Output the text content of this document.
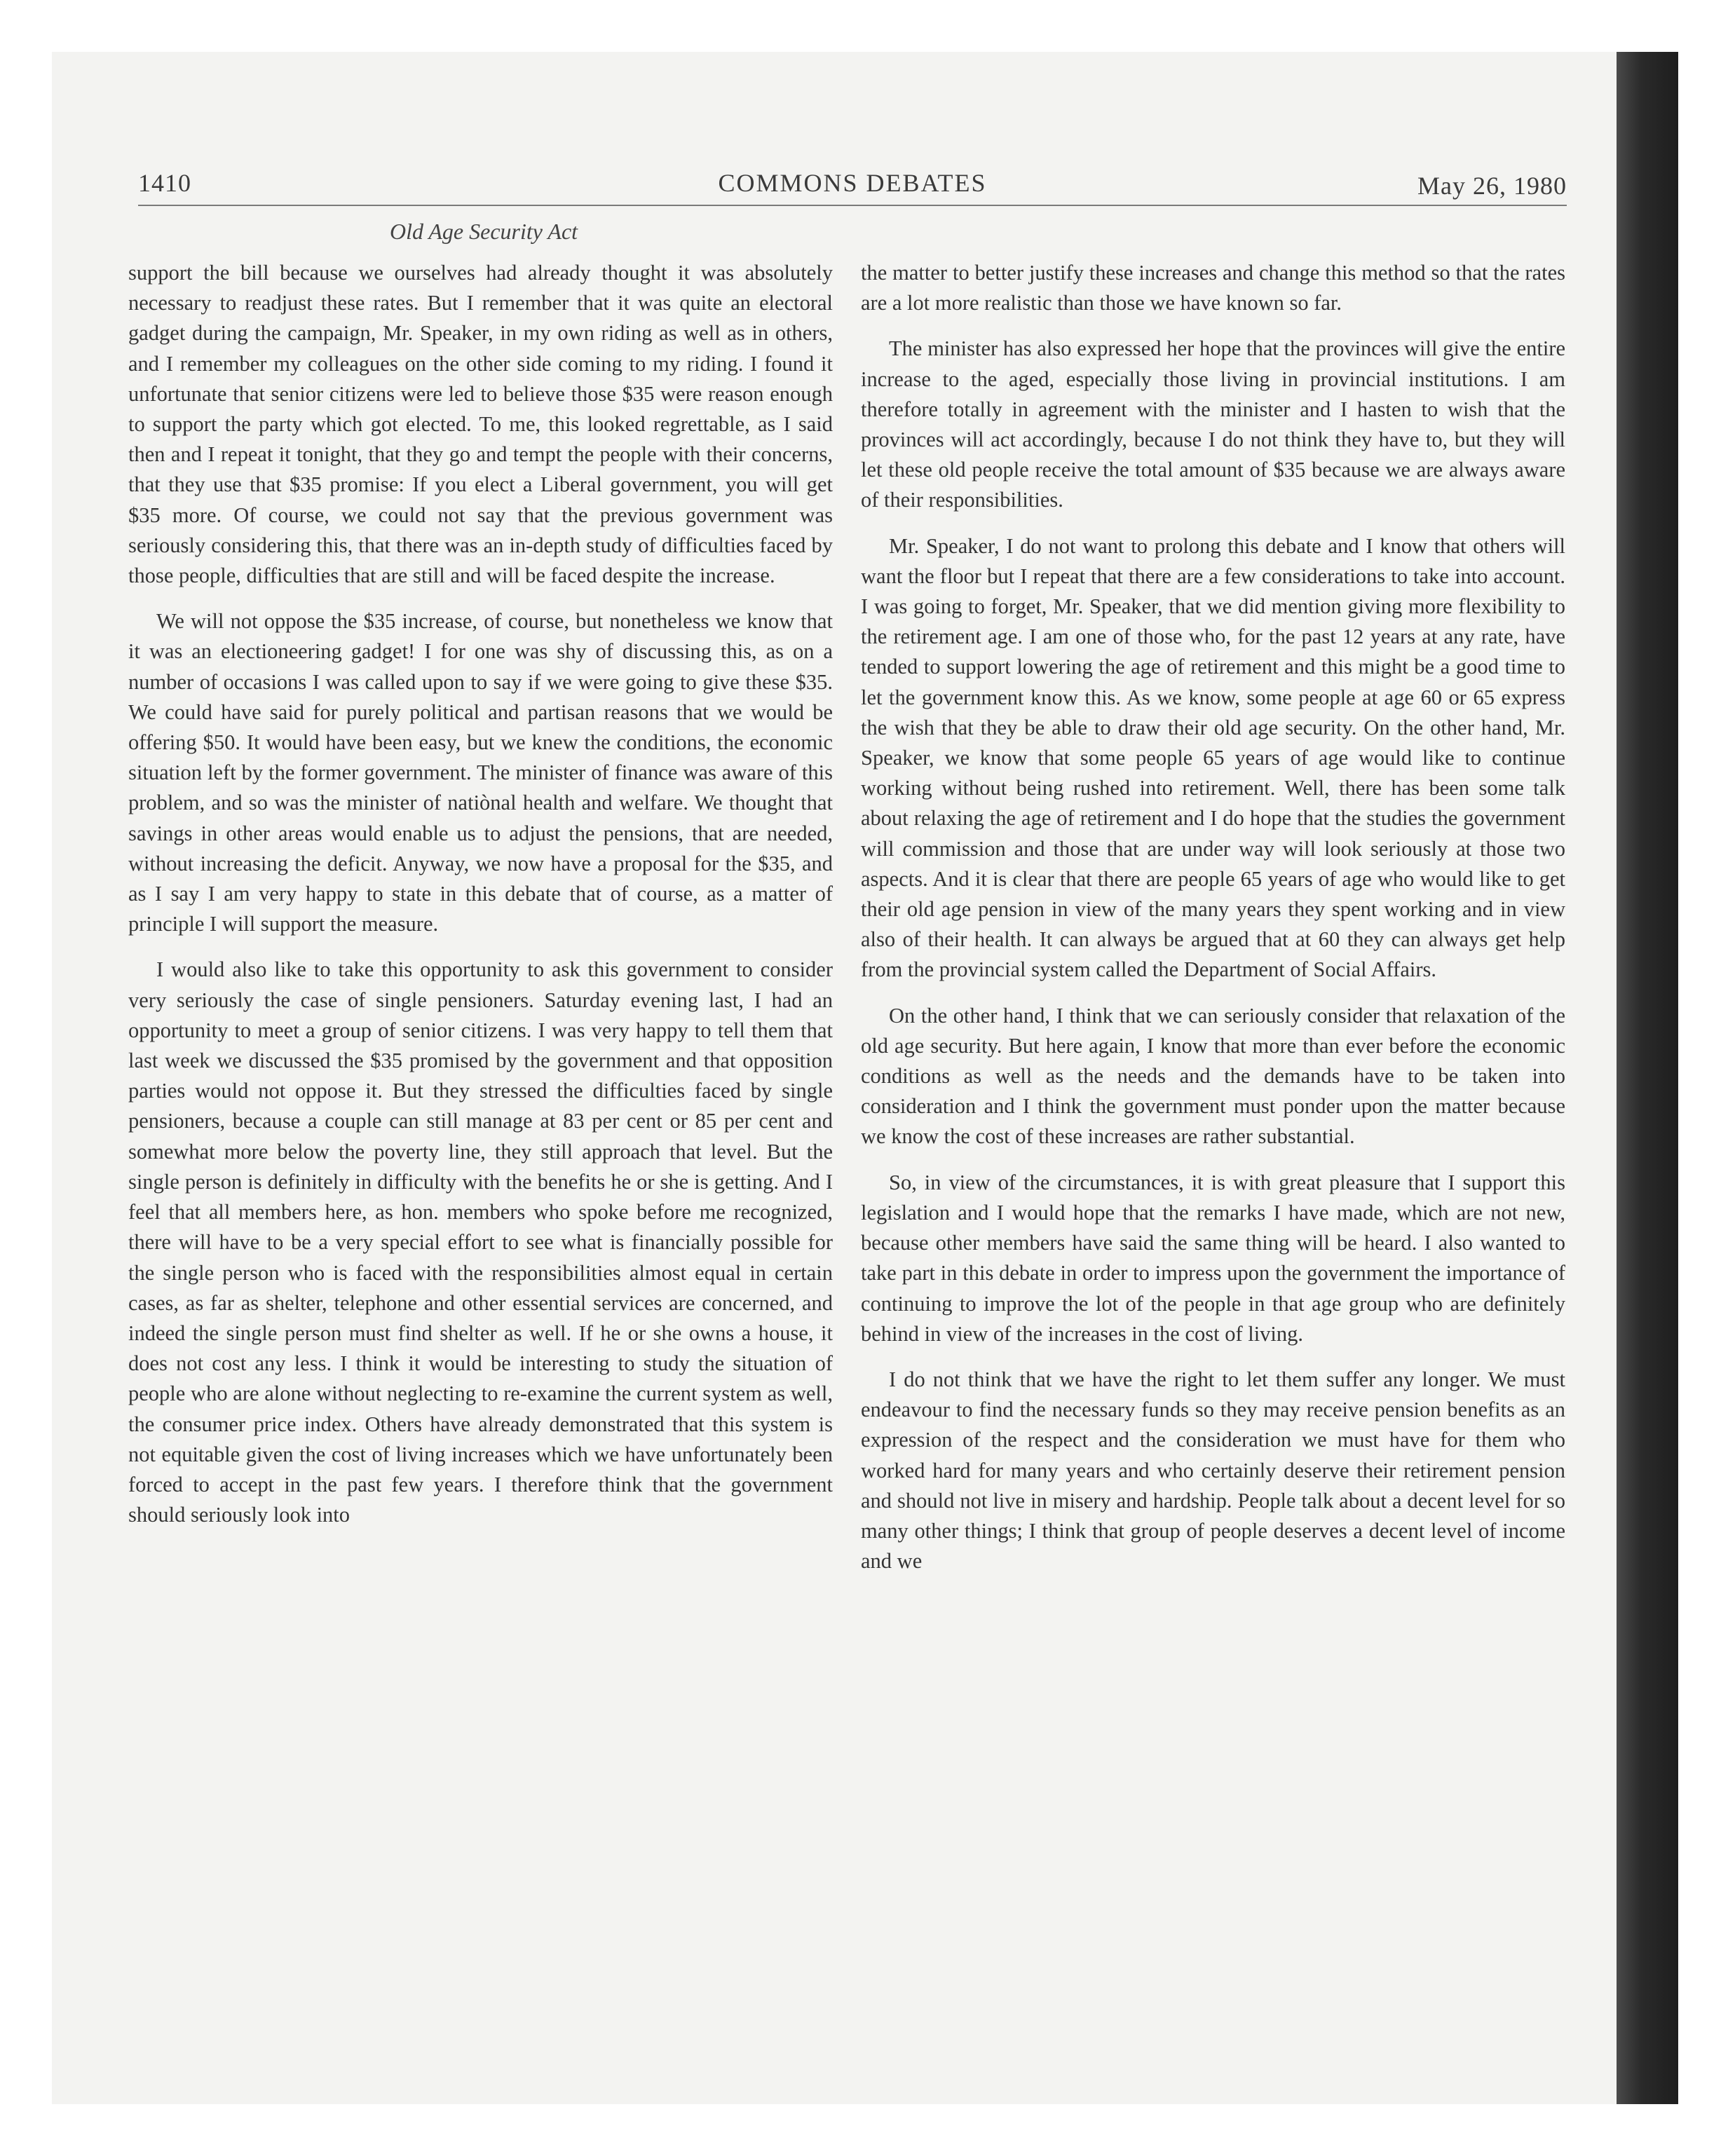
1410	COMMONS DEBATES	May 26, 1980
Old Age Security Act

support the bill because we ourselves had already thought it was absolutely necessary to readjust these rates. But I remember that it was quite an electoral gadget during the campaign, Mr. Speaker, in my own riding as well as in others, and I remember my colleagues on the other side coming to my riding. I found it unfortunate that senior citizens were led to believe those $35 were reason enough to support the party which got elected. To me, this looked regrettable, as I said then and I repeat it tonight, that they go and tempt the people with their concerns, that they use that $35 promise: If you elect a Liberal government, you will get $35 more. Of course, we could not say that the previous government was seriously considering this, that there was an in-depth study of difficulties faced by those people, difficulties that are still and will be faced despite the increase.

We will not oppose the $35 increase, of course, but nonetheless we know that it was an electioneering gadget! I for one was shy of discussing this, as on a number of occasions I was called upon to say if we were going to give these $35. We could have said for purely political and partisan reasons that we would be offering $50. It would have been easy, but we knew the conditions, the economic situation left by the former government. The minister of finance was aware of this problem, and so was the minister of natiònal health and welfare. We thought that savings in other areas would enable us to adjust the pensions, that are needed, without increasing the deficit. Anyway, we now have a proposal for the $35, and as I say I am very happy to state in this debate that of course, as a matter of principle I will support the measure.

I would also like to take this opportunity to ask this government to consider very seriously the case of single pensioners. Saturday evening last, I had an opportunity to meet a group of senior citizens. I was very happy to tell them that last week we discussed the $35 promised by the government and that opposition parties would not oppose it. But they stressed the difficulties faced by single pensioners, because a couple can still manage at 83 per cent or 85 per cent and somewhat more below the poverty line, they still approach that level. But the single person is definitely in difficulty with the benefits he or she is getting. And I feel that all members here, as hon. members who spoke before me recognized, there will have to be a very special effort to see what is financially possible for the single person who is faced with the responsibilities almost equal in certain cases, as far as shelter, telephone and other essential services are concerned, and indeed the single person must find shelter as well. If he or she owns a house, it does not cost any less. I think it would be interesting to study the situation of people who are alone without neglecting to re-examine the current system as well, the consumer price index. Others have already demonstrated that this system is not equitable given the cost of living increases which we have unfortunately been forced to accept in the past few years. I therefore think that the government should seriously look into

the matter to better justify these increases and change this method so that the rates are a lot more realistic than those we have known so far.

The minister has also expressed her hope that the provinces will give the entire increase to the aged, especially those living in provincial institutions. I am therefore totally in agreement with the minister and I hasten to wish that the provinces will act accordingly, because I do not think they have to, but they will let these old people receive the total amount of $35 because we are always aware of their responsibilities.

Mr. Speaker, I do not want to prolong this debate and I know that others will want the floor but I repeat that there are a few considerations to take into account. I was going to forget, Mr. Speaker, that we did mention giving more flexibility to the retirement age. I am one of those who, for the past 12 years at any rate, have tended to support lowering the age of retirement and this might be a good time to let the government know this. As we know, some people at age 60 or 65 express the wish that they be able to draw their old age security. On the other hand, Mr. Speaker, we know that some people 65 years of age would like to continue working without being rushed into retirement. Well, there has been some talk about relaxing the age of retirement and I do hope that the studies the government will commission and those that are under way will look seriously at those two aspects. And it is clear that there are people 65 years of age who would like to get their old age pension in view of the many years they spent working and in view also of their health. It can always be argued that at 60 they can always get help from the provincial system called the Department of Social Affairs.

On the other hand, I think that we can seriously consider that relaxation of the old age security. But here again, I know that more than ever before the economic conditions as well as the needs and the demands have to be taken into consideration and I think the government must ponder upon the matter because we know the cost of these increases are rather substantial.

So, in view of the circumstances, it is with great pleasure that I support this legislation and I would hope that the remarks I have made, which are not new, because other members have said the same thing will be heard. I also wanted to take part in this debate in order to impress upon the government the importance of continuing to improve the lot of the people in that age group who are definitely behind in view of the increases in the cost of living.

I do not think that we have the right to let them suffer any longer. We must endeavour to find the necessary funds so they may receive pension benefits as an expression of the respect and the consideration we must have for them who worked hard for many years and who certainly deserve their retirement pension and should not live in misery and hardship. People talk about a decent level for so many other things; I think that group of people deserves a decent level of income and we
